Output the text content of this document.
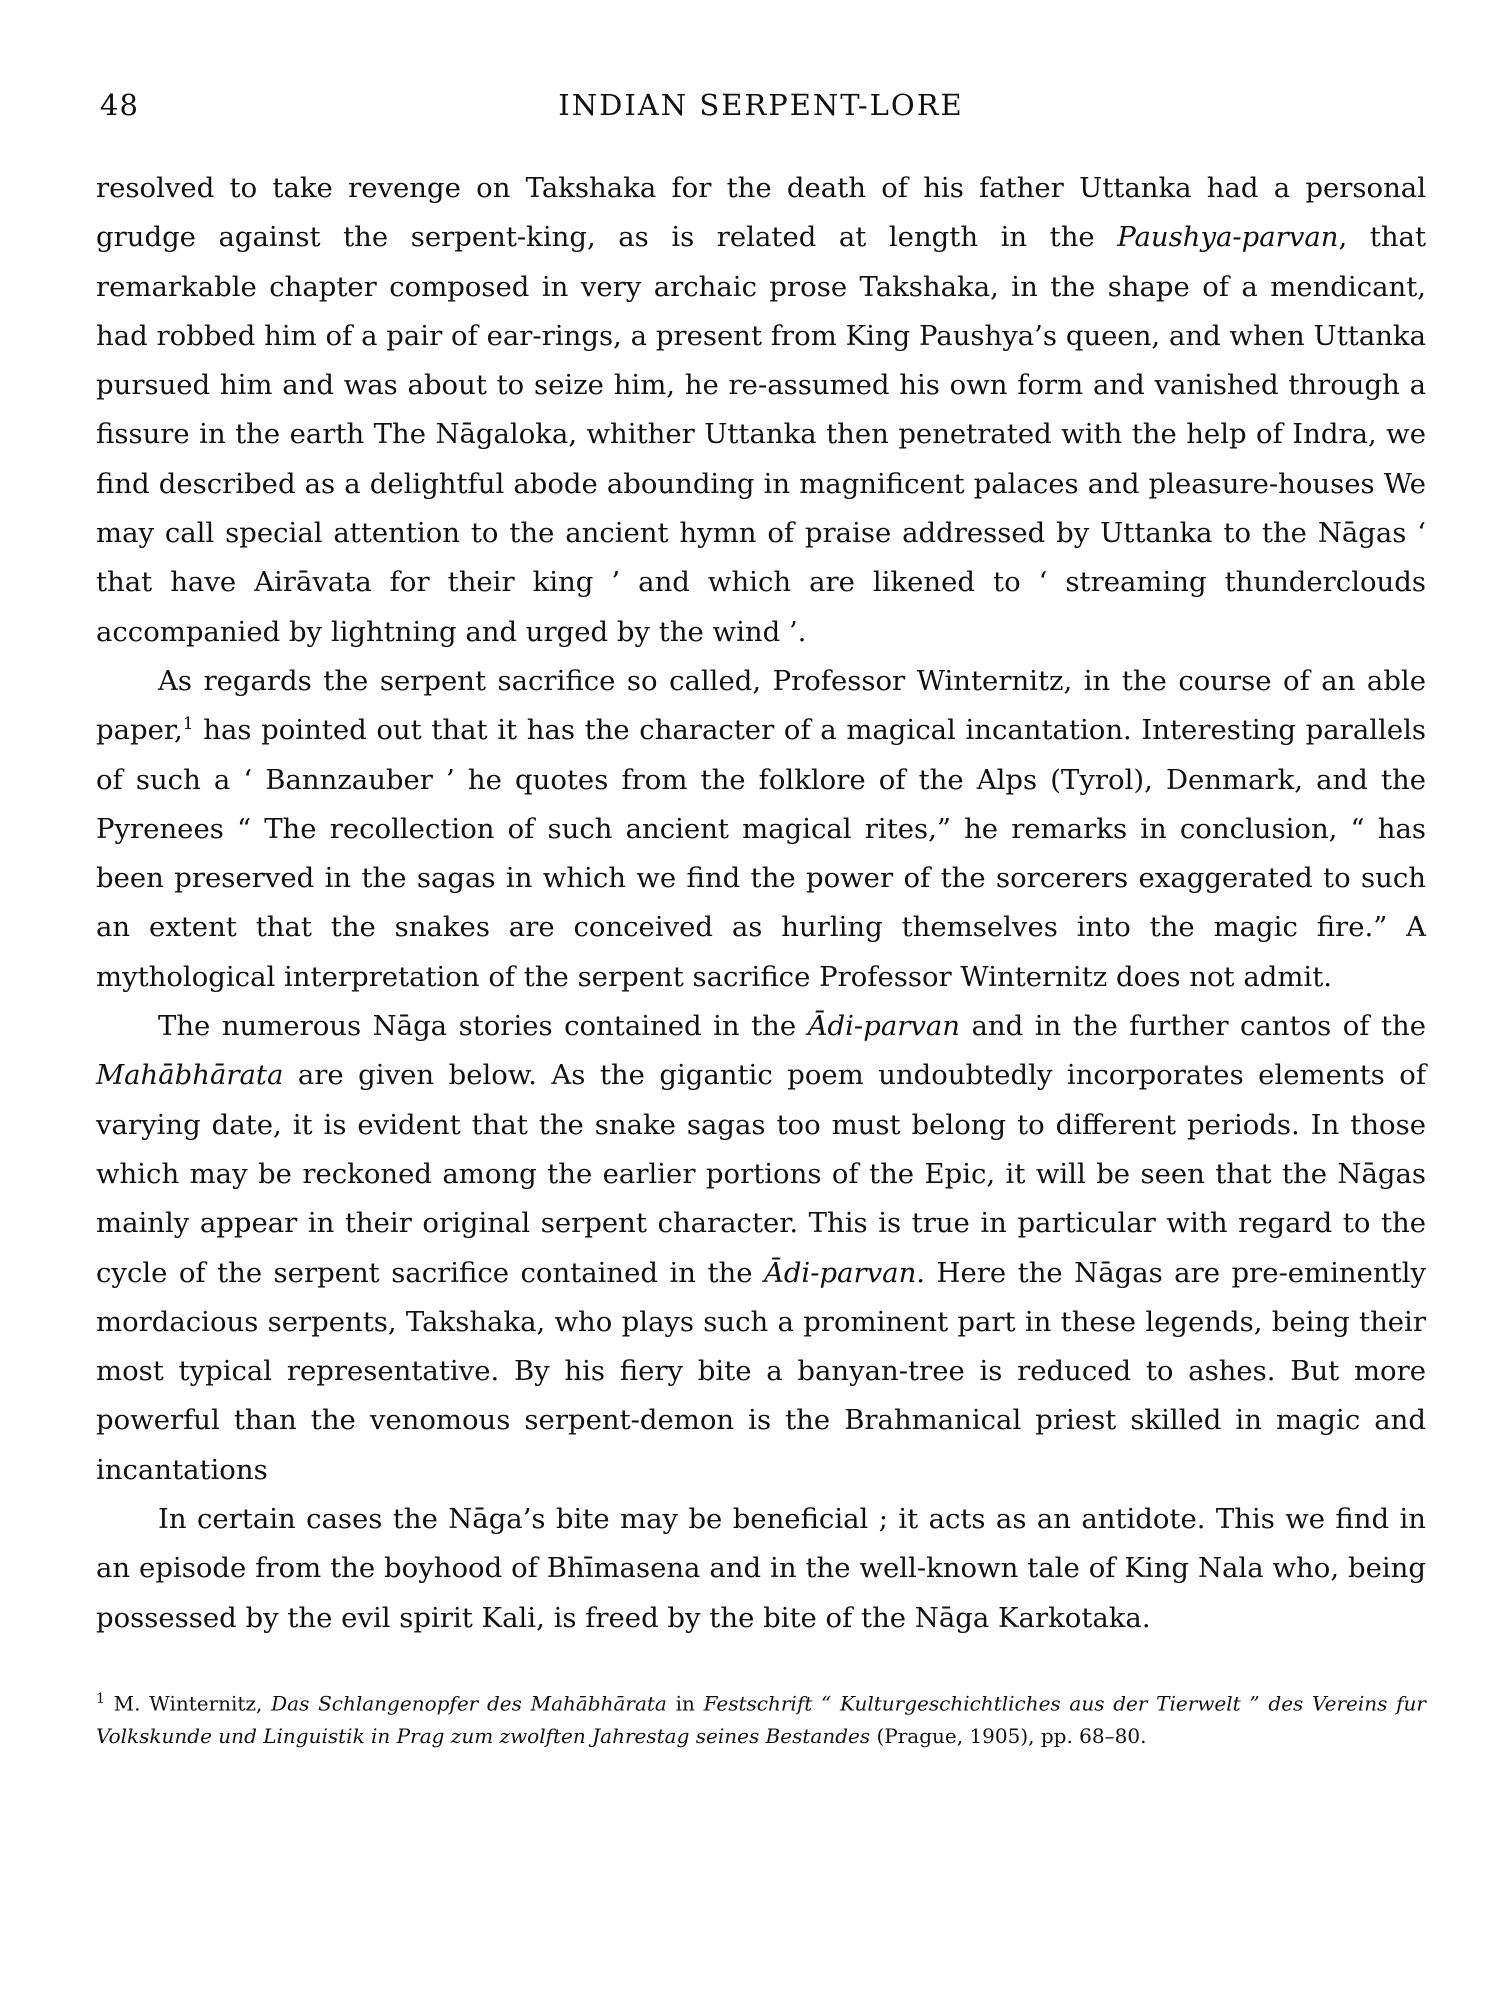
48	INDIAN SERPENT-LORE

resolved to take revenge on Takshaka for the death of his father Uttanka had a personal grudge against the serpent-king, as is related at length in the Paushya-parvan, that remarkable chapter composed in very archaic prose Takshaka, in the shape of a mendicant, had robbed him of a pair of ear-rings, a present from King Paushya’s queen, and when Uttanka pursued him and was about to seize him, he re-assumed his own form and vanished through a fissure in the earth The Nāgaloka, whither Uttanka then penetrated with the help of Indra, we find described as a delightful abode abounding in magnificent palaces and pleasure-houses We may call special attention to the ancient hymn of praise addressed by Uttanka to the Nāgas ‘ that have Airāvata for their king ’ and which are likened to ‘ streaming thunderclouds accompanied by lightning and urged by the wind ’.

As regards the serpent sacrifice so called, Professor Winternitz, in the course of an able paper,$^1$ has pointed out that it has the character of a magical incantation. Interesting parallels of such a ‘ Bannzauber ’ he quotes from the folklore of the Alps (Tyrol), Denmark, and the Pyrenees “ The recollection of such ancient magical rites,” he remarks in conclusion, “ has been preserved in the sagas in which we find the power of the sorcerers exaggerated to such an extent that the snakes are conceived as hurling themselves into the magic fire.” A mythological interpretation of the serpent sacrifice Professor Winternitz does not admit.

The numerous Nāga stories contained in the Ādi-parvan and in the further cantos of the Mahābhārata are given below. As the gigantic poem undoubtedly incorporates elements of varying date, it is evident that the snake sagas too must belong to different periods. In those which may be reckoned among the earlier portions of the Epic, it will be seen that the Nāgas mainly appear in their original serpent character. This is true in particular with regard to the cycle of the serpent sacrifice contained in the Ādi-parvan. Here the Nāgas are pre-eminently mordacious serpents, Takshaka, who plays such a prominent part in these legends, being their most typical representative. By his fiery bite a banyan-tree is reduced to ashes. But more powerful than the venomous serpent-demon is the Brahmanical priest skilled in magic and incantations

In certain cases the Nāga’s bite may be beneficial ; it acts as an antidote. This we find in an episode from the boyhood of Bhīmasena and in the well-known tale of King Nala who, being possessed by the evil spirit Kali, is freed by the bite of the Nāga Karkotaka.

$^1$ M. Winternitz, Das Schlangenopfer des Mahābhārata in Festschrift “ Kulturgeschichtliches aus der Tierwelt ” des Vereins fur Volkskunde und Linguistik in Prag zum zwolften Jahrestag seines Bestandes (Prague, 1905), pp. 68–80.
